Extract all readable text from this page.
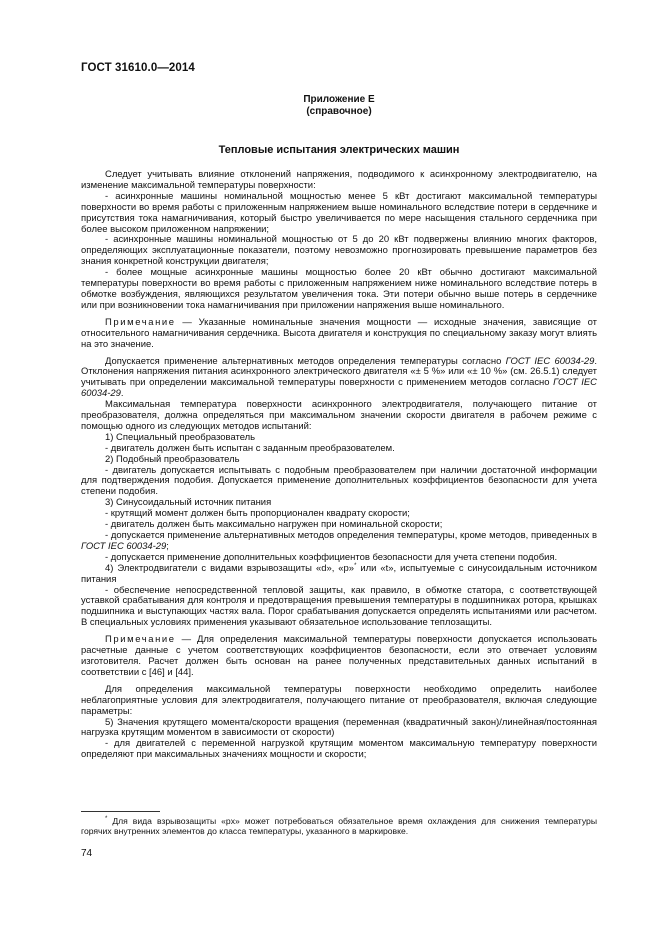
ГОСТ 31610.0—2014
Приложение Е
(справочное)
Тепловые испытания электрических машин

Следует учитывать влияние отклонений напряжения, подводимого к асинхронному электродвигателю, на изменение максимальной температуры поверхности:

- асинхронные машины номинальной мощностью менее 5 кВт достигают максимальной температуры поверхности во время работы с приложенным напряжением выше номинального вследствие потери в сердечнике и присутствия тока намагничивания, который быстро увеличивается по мере насыщения стального сердечника при более высоком приложенном напряжении;

- асинхронные машины номинальной мощностью от 5 до 20 кВт подвержены влиянию многих факторов, определяющих эксплуатационные показатели, поэтому невозможно прогнозировать превышение параметров без знания конкретной конструкции двигателя;

- более мощные асинхронные машины мощностью более 20 кВт обычно достигают максимальной температуры поверхности во время работы с приложенным напряжением ниже номинального вследствие потерь в обмотке возбуждения, являющихся результатом увеличения тока. Эти потери обычно выше потерь в сердечнике или при возникновении тока намагничивания при приложении напряжения выше номинального.

Примечание — Указанные номинальные значения мощности — исходные значения, зависящие от относительного намагничивания сердечника. Высота двигателя и конструкция по специальному заказу могут влиять на это значение.

Допускается применение альтернативных методов определения температуры согласно ГОСТ IEC 60034-29. Отклонения напряжения питания асинхронного электрического двигателя «± 5 %» или «± 10 %» (см. 26.5.1) следует учитывать при определении максимальной температуры поверхности с применением методов согласно ГОСТ IEC 60034-29.

Максимальная температура поверхности асинхронного электродвигателя, получающего питание от преобразователя, должна определяться при максимальном значении скорости двигателя в рабочем режиме с помощью одного из следующих методов испытаний:

1) Специальный преобразователь

- двигатель должен быть испытан с заданным преобразователем.

2) Подобный преобразователь

- двигатель допускается испытывать с подобным преобразователем при наличии достаточной информации для подтверждения подобия. Допускается применение дополнительных коэффициентов безопасности для учета степени подобия.

3) Синусоидальный источник питания

- крутящий момент должен быть пропорционален квадрату скорости;

- двигатель должен быть максимально нагружен при номинальной скорости;

- допускается применение альтернативных методов определения температуры, кроме методов, приведенных в ГОСТ IEC 60034-29;

- допускается применение дополнительных коэффициентов безопасности для учета степени подобия.

4) Электродвигатели с видами взрывозащиты «d», «p»* или «t», испытуемые с синусоидальным источником питания

- обеспечение непосредственной тепловой защиты, как правило, в обмотке статора, с соответствующей уставкой срабатывания для контроля и предотвращения превышения температуры в подшипниках ротора, крышках подшипника и выступающих частях вала. Порог срабатывания допускается определять испытаниями или расчетом. В специальных условиях применения указывают обязательное использование теплозащиты.

Примечание — Для определения максимальной температуры поверхности допускается использовать расчетные данные с учетом соответствующих коэффициентов безопасности, если это отвечает условиям изготовителя. Расчет должен быть основан на ранее полученных представительных данных испытаний в соответствии с [46] и [44].

Для определения максимальной температуры поверхности необходимо определить наиболее неблагоприятные условия для электродвигателя, получающего питание от преобразователя, включая следующие параметры:

5) Значения крутящего момента/скорости вращения (переменная (квадратичный закон)/линейная/постоянная нагрузка крутящим моментом в зависимости от скорости)

- для двигателей с переменной нагрузкой крутящим моментом максимальную температуру поверхности определяют при максимальных значениях мощности и скорости;

* Для вида взрывозащиты «px» может потребоваться обязательное время охлаждения для снижения температуры горячих внутренних элементов до класса температуры, указанного в маркировке.
74
